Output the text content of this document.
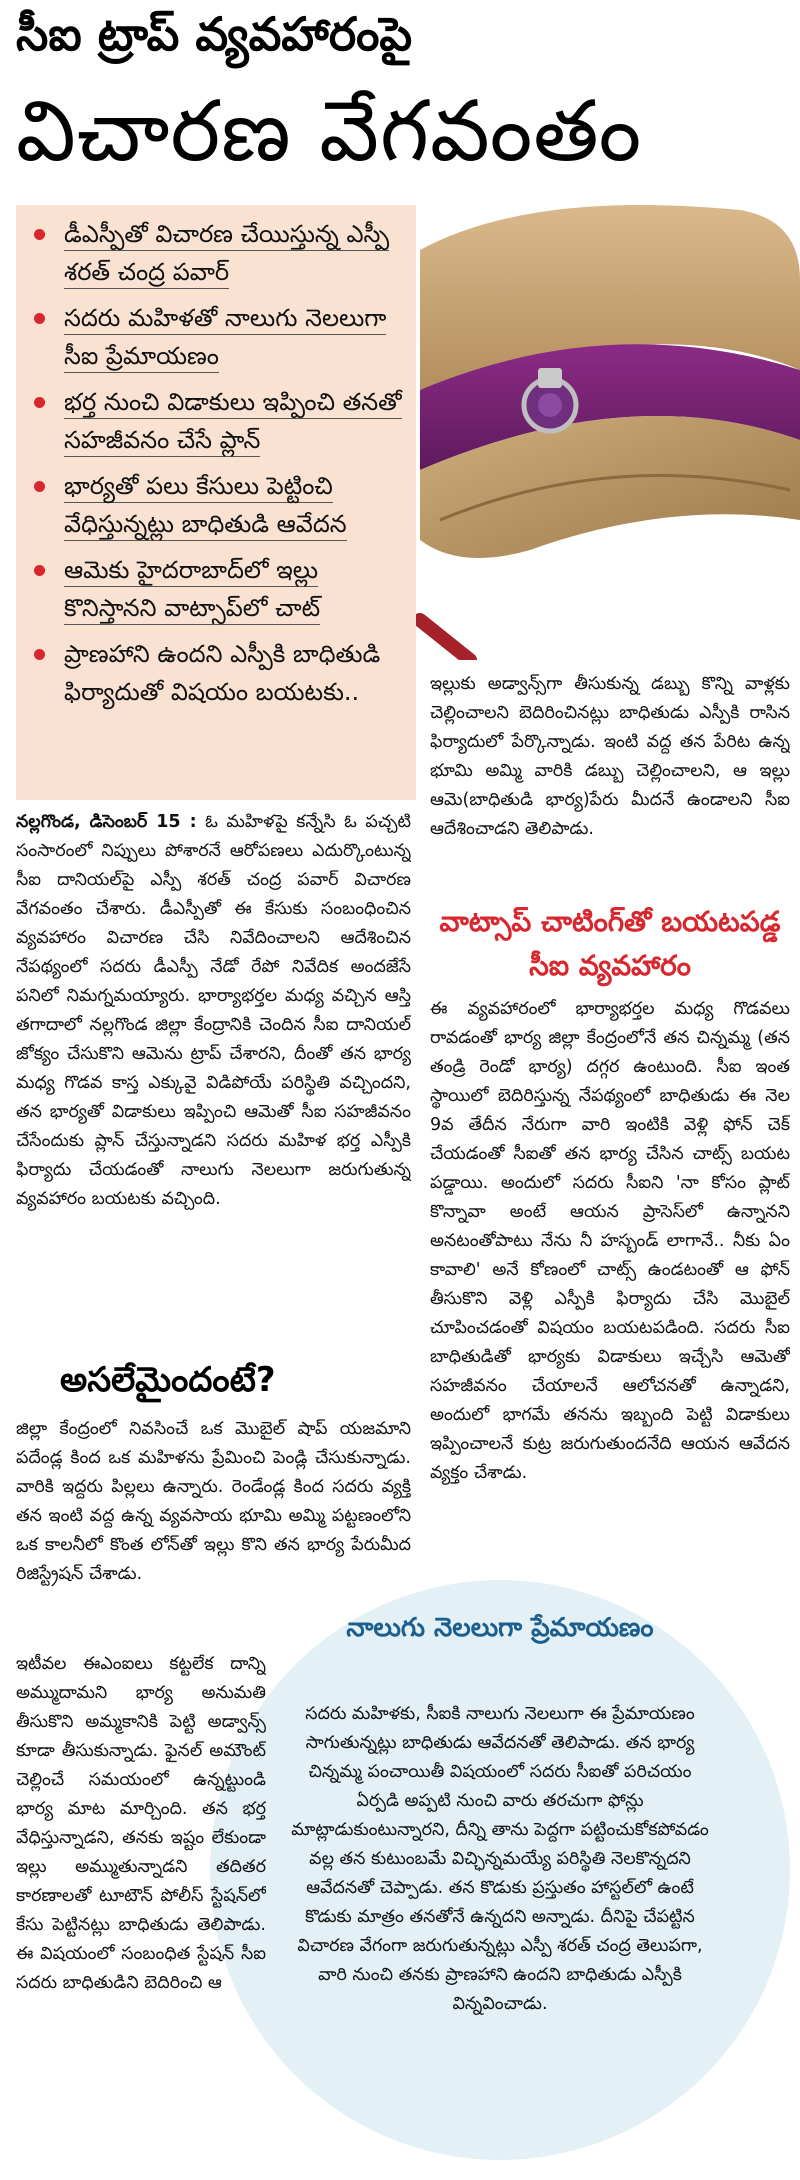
సీఐ ట్రాప్ వ్యవహారంపై
విచారణ వేగవంతం
డీఎస్పీతో విచారణ చేయిస్తున్న ఎస్పీ శరత్ చంద్ర పవార్
సదరు మహిళతో నాలుగు నెలలుగా సీఐ ప్రేమాయణం
భర్త నుంచి విడాకులు ఇప్పించి తనతో సహజీవనం చేసే ప్లాన్
భార్యతో పలు కేసులు పెట్టించి వేధిస్తున్నట్లు బాధితుడి ఆవేదన
ఆమెకు హైదరాబాద్‌లో ఇల్లు కొనిస్తానని వాట్సాప్‌లో చాట్
ప్రాణహాని ఉందని ఎస్పీకి బాధితుడి ఫిర్యాదుతో విషయం బయటకు..

నల్లగొండ, డిసెంబర్ 15 : ఓ మహిళపై కన్నేసి ఓ పచ్చటి సంసారంలో నిప్పులు పోశారనే ఆరోపణలు ఎదుర్కొంటున్న సీఐ దానియల్‌పై ఎస్పీ శరత్ చంద్ర పవార్ విచారణ వేగవంతం చేశారు. డీఎస్పీతో ఈ కేసుకు సంబంధించిన వ్యవహారం విచారణ చేసి నివేదించాలని ఆదేశించిన నేపథ్యంలో సదరు డీఎస్పీ నేడో రేపో నివేదిక అందజేసే పనిలో నిమగ్నమయ్యారు. భార్యాభర్తల మధ్య వచ్చిన ఆస్తి తగాదాలో నల్లగొండ జిల్లా కేంద్రానికి చెందిన సీఐ దానియల్ జోక్యం చేసుకొని ఆమెను ట్రాప్ చేశారని, దీంతో తన భార్య మధ్య గొడవ కాస్త ఎక్కువై విడిపోయే పరిస్థితి వచ్చిందని, తన భార్యతో విడాకులు ఇప్పించి ఆమెతో సీఐ సహజీవనం చేసేందుకు ప్లాన్ చేస్తున్నాడని సదరు మహిళ భర్త ఎస్పీకి ఫిర్యాదు చేయడంతో నాలుగు నెలలుగా జరుగుతున్న వ్యవహారం బయటకు వచ్చింది.

ఇల్లుకు అడ్వాన్స్‌గా తీసుకున్న డబ్బు కొన్ని వాళ్లకు చెల్లించాలని బెదిరించినట్లు బాధితుడు ఎస్పీకి రాసిన ఫిర్యాదులో పేర్కొన్నాడు. ఇంటి వద్ద తన పేరిట ఉన్న భూమి అమ్మి వారికి డబ్బు చెల్లించాలని, ఆ ఇల్లు ఆమె(బాధితుడి భార్య)పేరు మీదనే ఉండాలని సీఐ ఆదేశించాడని తెలిపాడు.
అసలేమైందంటే?
జిల్లా కేంద్రంలో నివసించే ఒక మొబైల్ షాప్ యజమాని పదేండ్ల కింద ఒక మహిళను ప్రేమించి పెండ్లి చేసుకున్నాడు. వారికి ఇద్దరు పిల్లలు ఉన్నారు. రెండేండ్ల కింద సదరు వ్యక్తి తన ఇంటి వద్ద ఉన్న వ్యవసాయ భూమి అమ్మి పట్టణంలోని ఒక కాలనీలో కొంత లోన్‌తో ఇల్లు కొని తన భార్య పేరుమీద రిజిస్ట్రేషన్ చేశాడు.
వాట్సాప్ చాటింగ్‌తో బయటపడ్డ సీఐ వ్యవహారం
ఈ వ్యవహారంలో భార్యాభర్తల మధ్య గొడవలు రావడంతో భార్య జిల్లా కేంద్రంలోనే తన చిన్నమ్మ (తన తండ్రి రెండో భార్య) దగ్గర ఉంటుంది. సీఐ ఇంత స్థాయిలో బెదిరిస్తున్న నేపథ్యంలో బాధితుడు ఈ నెల 9వ తేదీన నేరుగా వారి ఇంటికి వెళ్లి ఫోన్ చెక్ చేయడంతో సీఐతో తన భార్య చేసిన చాట్స్ బయట పడ్డాయి. అందులో సదరు సీఐని 'నా కోసం ప్లాట్ కొన్నావా అంటే ఆయన ప్రాసెస్‌లో ఉన్నానని అనటంతోపాటు నేను నీ హస్బండ్ లాగానే.. నీకు ఏం కావాలి' అనే కోణంలో చాట్స్ ఉండటంతో ఆ ఫోన్ తీసుకొని వెళ్లి ఎస్పీకి ఫిర్యాదు చేసి మొబైల్ చూపించడంతో విషయం బయటపడింది. సదరు సీఐ బాధితుడితో భార్యకు విడాకులు ఇచ్చేసి ఆమెతో సహజీవనం చేయాలనే ఆలోచనతో ఉన్నాడని, అందులో భాగమే తనను ఇబ్బంది పెట్టి విడాకులు ఇప్పించాలనే కుట్ర జరుగుతుందనేది ఆయన ఆవేదన వ్యక్తం చేశాడు.
నాలుగు నెలలుగా ప్రేమాయణం
సదరు మహిళకు, సీఐకి నాలుగు నెలలుగా ఈ ప్రేమాయణం సాగుతున్నట్లు బాధితుడు ఆవేదనతో తెలిపాడు. తన భార్య చిన్నమ్మ పంచాయితీ విషయంలో సదరు సీఐతో పరిచయం ఏర్పడి అప్పటి నుంచి వారు తరచుగా ఫోన్లు మాట్లాడుకుంటున్నారని, దీన్ని తాను పెద్దగా పట్టించుకోకపోవడం వల్ల తన కుటుంబమే విచ్ఛిన్నమయ్యే పరిస్థితి నెలకొన్నదని ఆవేదనతో చెప్పాడు. తన కొడుకు ప్రస్తుతం హాస్టల్‌లో ఉంటే కొడుకు మాత్రం తనతోనే ఉన్నదని అన్నాడు. దీనిపై చేపట్టిన విచారణ వేగంగా జరుగుతున్నట్లు ఎస్పీ శరత్ చంద్ర తెలుపగా, వారి నుంచి తనకు ప్రాణహాని ఉందని బాధితుడు ఎస్పీకి విన్నవించాడు.
ఇటీవల ఈఎంఐలు కట్టలేక దాన్ని అమ్ముదామని భార్య అనుమతి తీసుకొని అమ్మకానికి పెట్టి అడ్వాన్స్ కూడా తీసుకున్నాడు. ఫైనల్ అమౌంట్ చెల్లించే సమయంలో ఉన్నట్టుండి భార్య మాట మార్చింది. తన భర్త వేధిస్తున్నాడని, తనకు ఇష్టం లేకుండా ఇల్లు అమ్ముతున్నాడని తదితర కారణాలతో టూటౌన్ పోలీస్ స్టేషన్‌లో కేసు పెట్టినట్లు బాధితుడు తెలిపాడు. ఈ విషయంలో సంబంధిత స్టేషన్ సీఐ సదరు బాధితుడిని బెదిరించి ఆ
